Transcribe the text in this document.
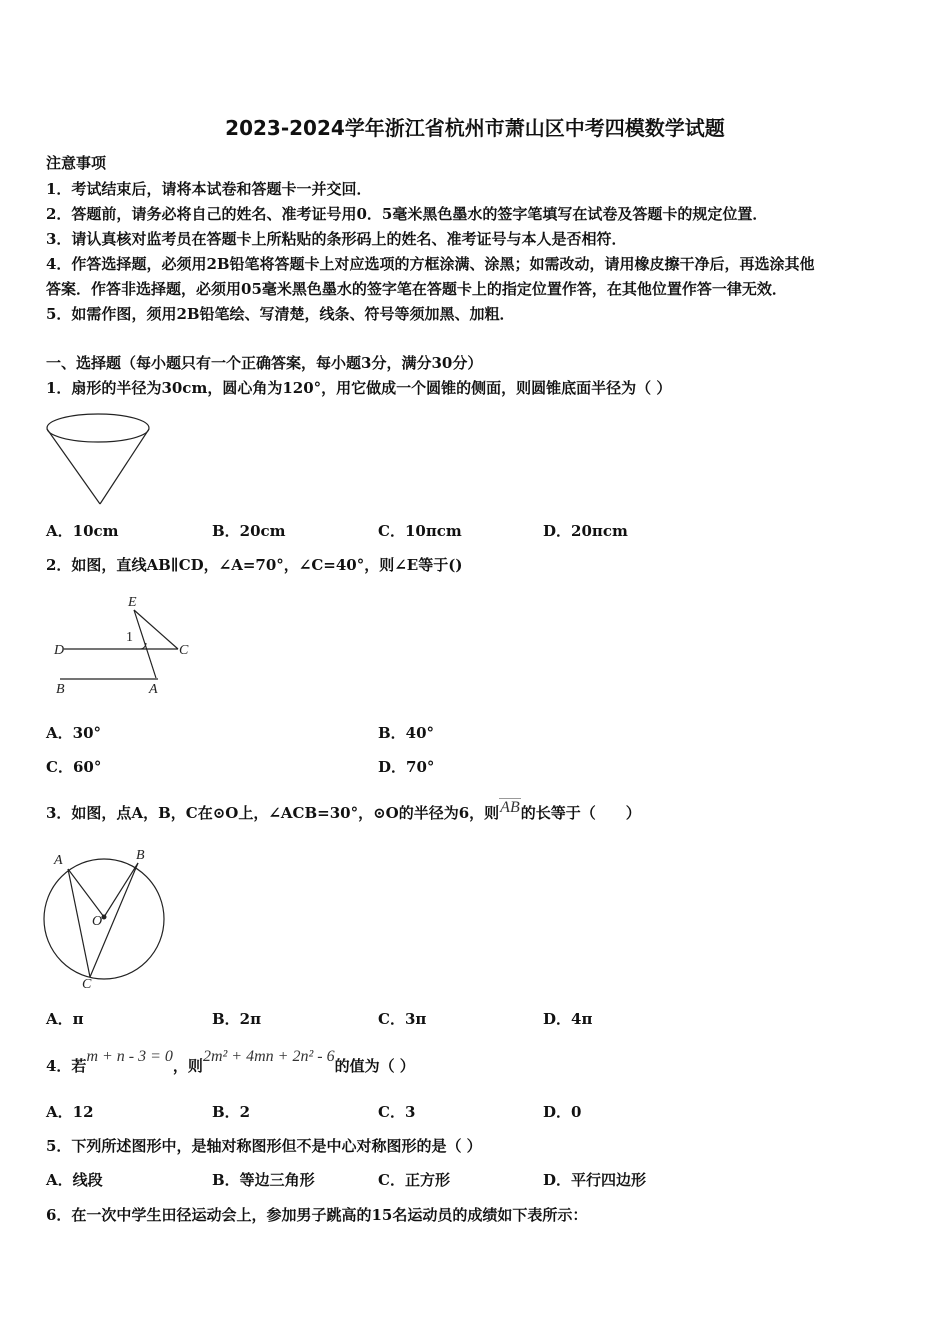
2023-2024学年浙江省杭州市萧山区中考四模数学试题
注意事项
1．考试结束后，请将本试卷和答题卡一并交回．
2．答题前，请务必将自己的姓名、准考证号用0．5毫米黑色墨水的签字笔填写在试卷及答题卡的规定位置．
3．请认真核对监考员在答题卡上所粘贴的条形码上的姓名、准考证号与本人是否相符．
4．作答选择题，必须用2B铅笔将答题卡上对应选项的方框涂满、涂黑；如需改动，请用橡皮擦干净后，再选涂其他
答案．作答非选择题，必须用05毫米黑色墨水的签字笔在答题卡上的指定位置作答，在其他位置作答一律无效．
5．如需作图，须用2B铅笔绘、写清楚，线条、符号等须加黑、加粗．
一、选择题（每小题只有一个正确答案，每小题3分，满分30分）
1．扇形的半径为30cm，圆心角为120°，用它做成一个圆锥的侧面，则圆锥底面半径为（ ）
A．10cm	B．20cm	C．10πcm	D．20πcm
2．如图，直线AB∥CD，∠A=70°，∠C=40°，则∠E等于()
E
1
D	C
B	A
A．30°	B．40°
C．60°	D．70°
3．如图，点A，B，C在⊙O上，∠ACB=30°，⊙O的半径为6，则AB的长等于（　　）
A	B
O
C
A．π	B．2π	C．3π	D．4π
4．若m + n - 3 = 0，则2m² + 4mn + 2n² - 6的值为（ ）
A．12	B．2	C．3	D．0
5．下列所述图形中，是轴对称图形但不是中心对称图形的是（ ）
A．线段	B．等边三角形	C．正方形	D．平行四边形
6．在一次中学生田径运动会上，参加男子跳高的15名运动员的成绩如下表所示：
